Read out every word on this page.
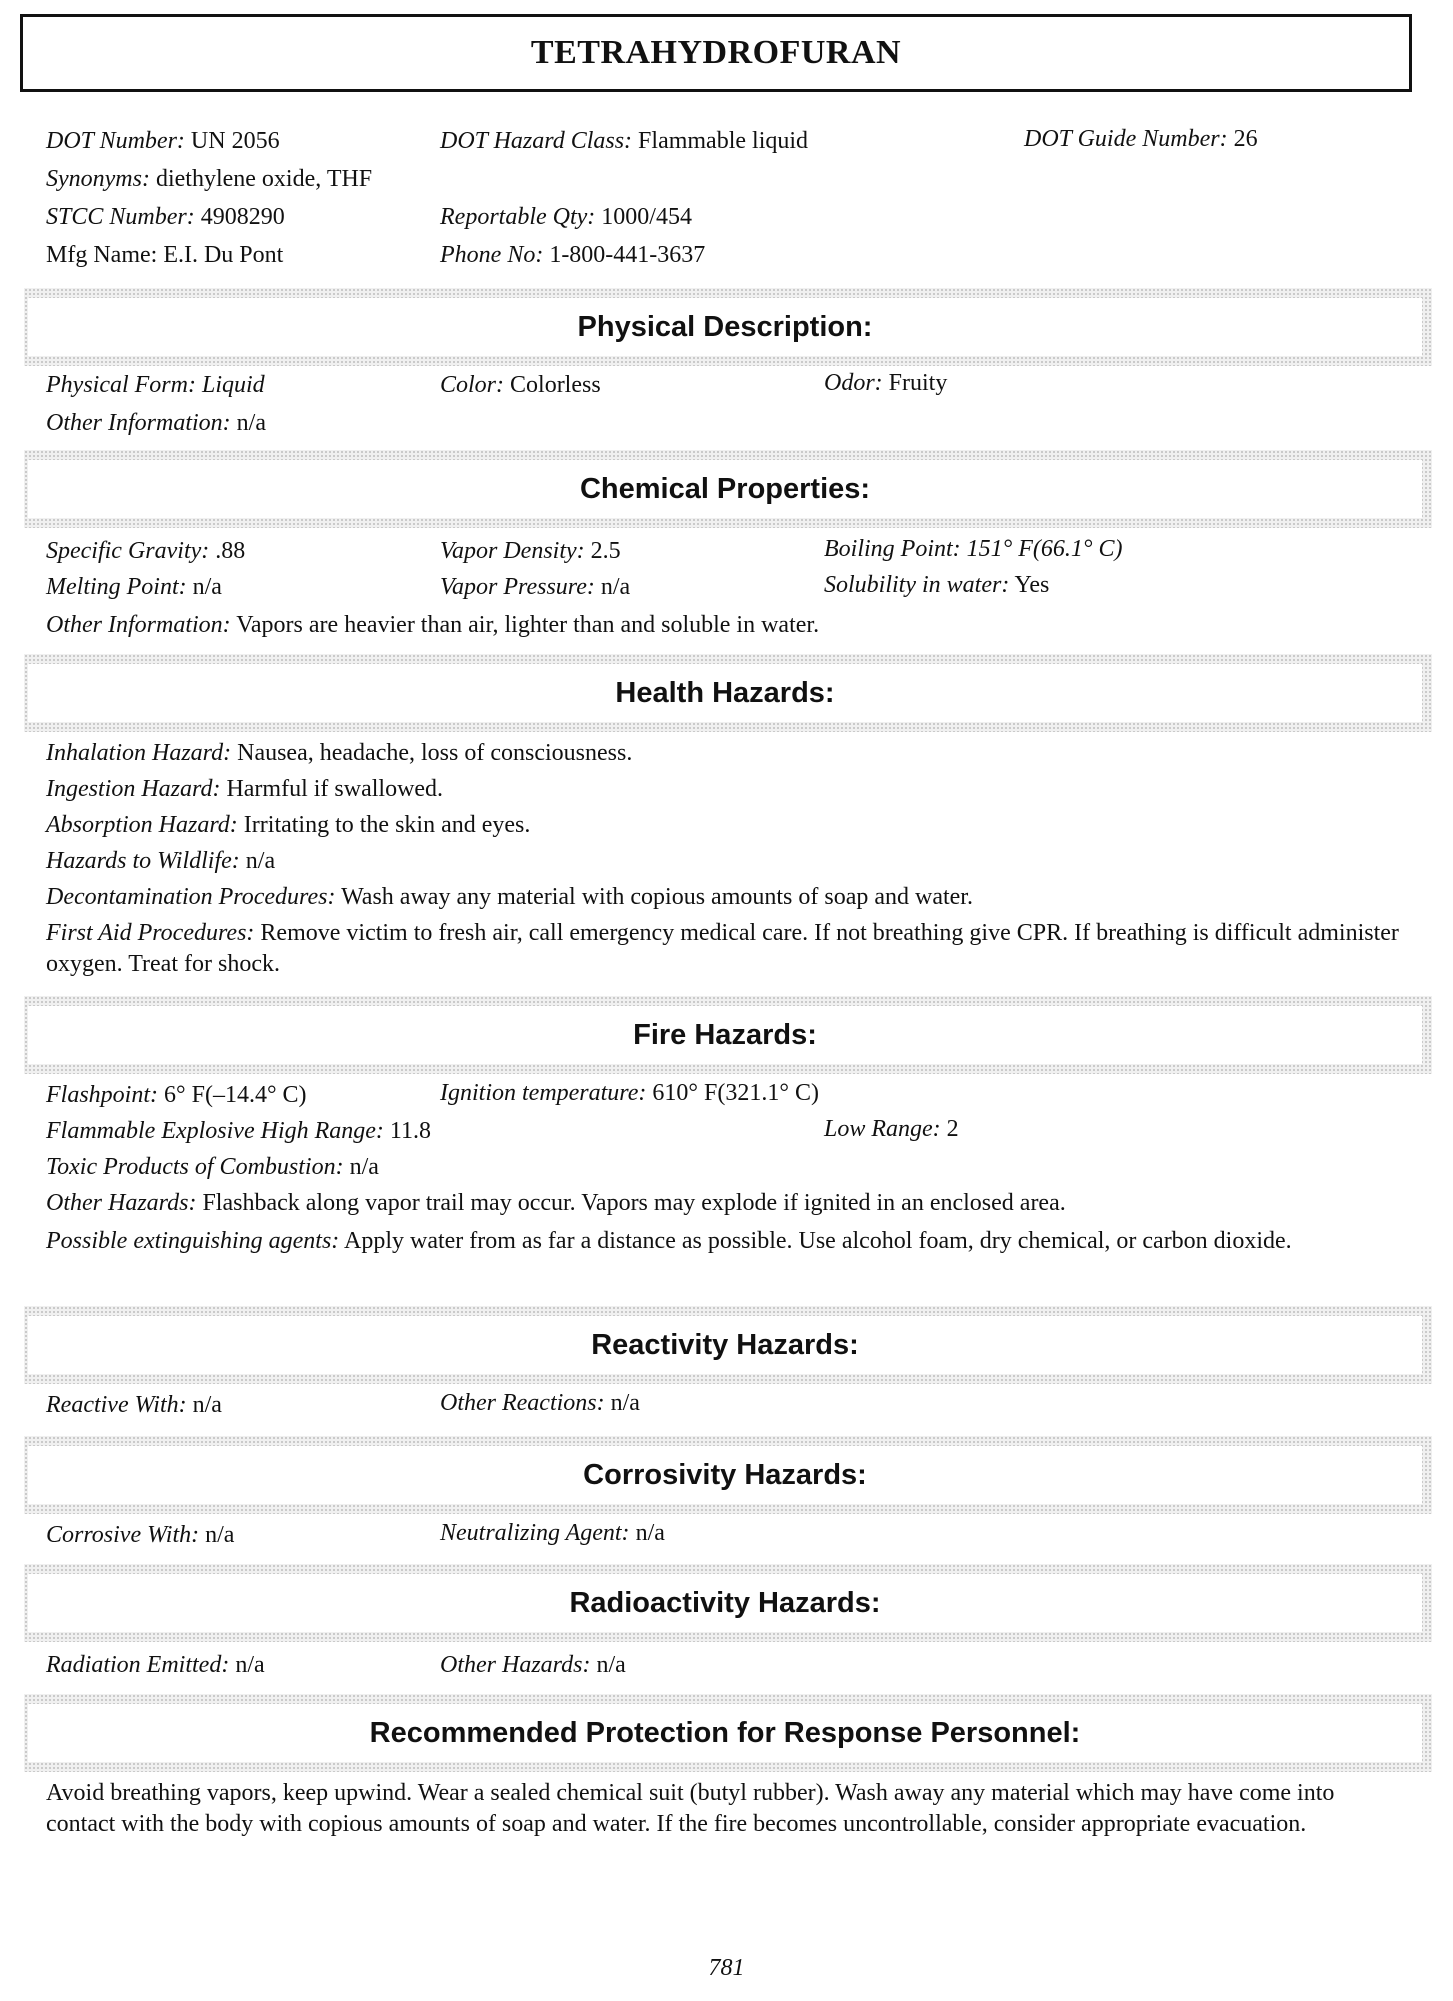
TETRAHYDROFURAN
DOT Number: UN 2056	DOT Hazard Class: Flammable liquid	DOT Guide Number: 26
Synonyms: diethylene oxide, THF
STCC Number: 4908290	Reportable Qty: 1000/454
Mfg Name: E.I. Du Pont	Phone No: 1-800-441-3637
Physical Description:
Physical Form: Liquid	Color: Colorless	Odor: Fruity
Other Information: n/a
Chemical Properties:
Specific Gravity: .88	Vapor Density: 2.5	Boiling Point: 151° F(66.1° C)
Melting Point: n/a	Vapor Pressure: n/a	Solubility in water: Yes
Other Information: Vapors are heavier than air, lighter than and soluble in water.
Health Hazards:
Inhalation Hazard: Nausea, headache, loss of consciousness.
Ingestion Hazard: Harmful if swallowed.
Absorption Hazard: Irritating to the skin and eyes.
Hazards to Wildlife: n/a
Decontamination Procedures: Wash away any material with copious amounts of soap and water.
First Aid Procedures: Remove victim to fresh air, call emergency medical care. If not breathing give CPR. If breathing is difficult administer oxygen. Treat for shock.
Fire Hazards:
Flashpoint: 6° F(–14.4° C)	Ignition temperature: 610° F(321.1° C)
Flammable Explosive High Range: 11.8	Low Range: 2
Toxic Products of Combustion: n/a
Other Hazards: Flashback along vapor trail may occur. Vapors may explode if ignited in an enclosed area.
Possible extinguishing agents: Apply water from as far a distance as possible. Use alcohol foam, dry chemical, or carbon dioxide.
Reactivity Hazards:
Reactive With: n/a	Other Reactions: n/a
Corrosivity Hazards:
Corrosive With: n/a	Neutralizing Agent: n/a
Radioactivity Hazards:
Radiation Emitted: n/a	Other Hazards: n/a
Recommended Protection for Response Personnel:
Avoid breathing vapors, keep upwind. Wear a sealed chemical suit (butyl rubber). Wash away any material which may have come into contact with the body with copious amounts of soap and water. If the fire becomes uncontrollable, consider appropriate evacuation.
781
